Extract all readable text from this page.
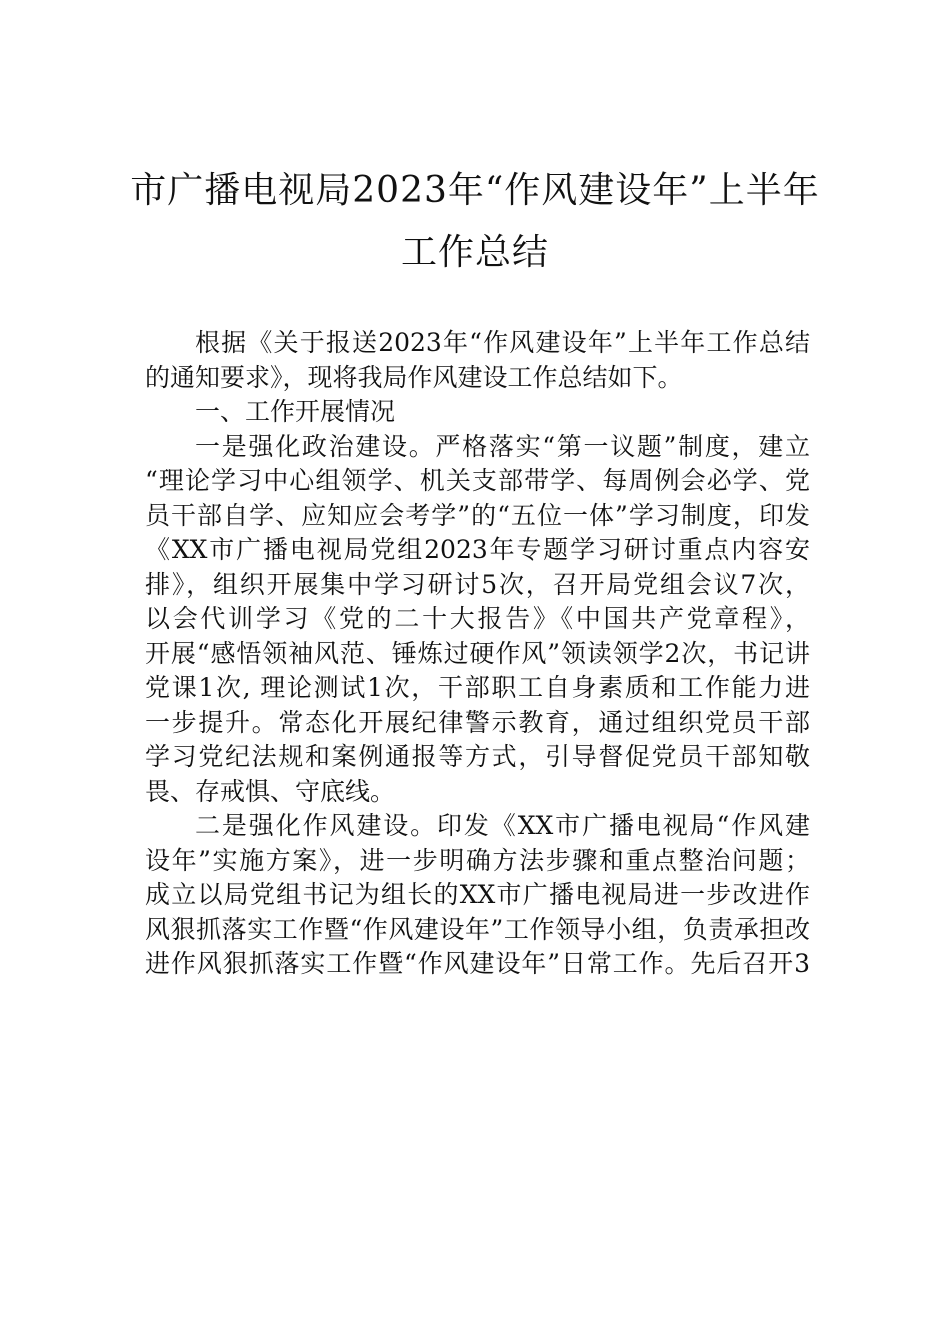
市广播电视局2023年“作风建设年”上半年
工作总结
根据《关于报送2023年“作风建设年”上半年工作总结
的通知要求》，现将我局作风建设工作总结如下。
一、工作开展情况
一是强化政治建设。严格落实“第一议题”制度，建立
“理论学习中心组领学、机关支部带学、每周例会必学、党
员干部自学、应知应会考学”的“五位一体”学习制度，印发
《XX市广播电视局党组2023年专题学习研讨重点内容安
排》，组织开展集中学习研讨5次，召开局党组会议7次，
以会代训学习《党的二十大报告》《中国共产党章程》，
开展“感悟领袖风范、锤炼过硬作风”领读领学2次，书记讲
党课1次, 理论测试1次，干部职工自身素质和工作能力进
一步提升。常态化开展纪律警示教育，通过组织党员干部
学习党纪法规和案例通报等方式，引导督促党员干部知敬
畏、存戒惧、守底线。
二是强化作风建设。印发《XX市广播电视局“作风建
设年”实施方案》，进一步明确方法步骤和重点整治问题；
成立以局党组书记为组长的XX市广播电视局进一步改进作
风狠抓落实工作暨“作风建设年”工作领导小组，负责承担改
进作风狠抓落实工作暨“作风建设年”日常工作。先后召开3
